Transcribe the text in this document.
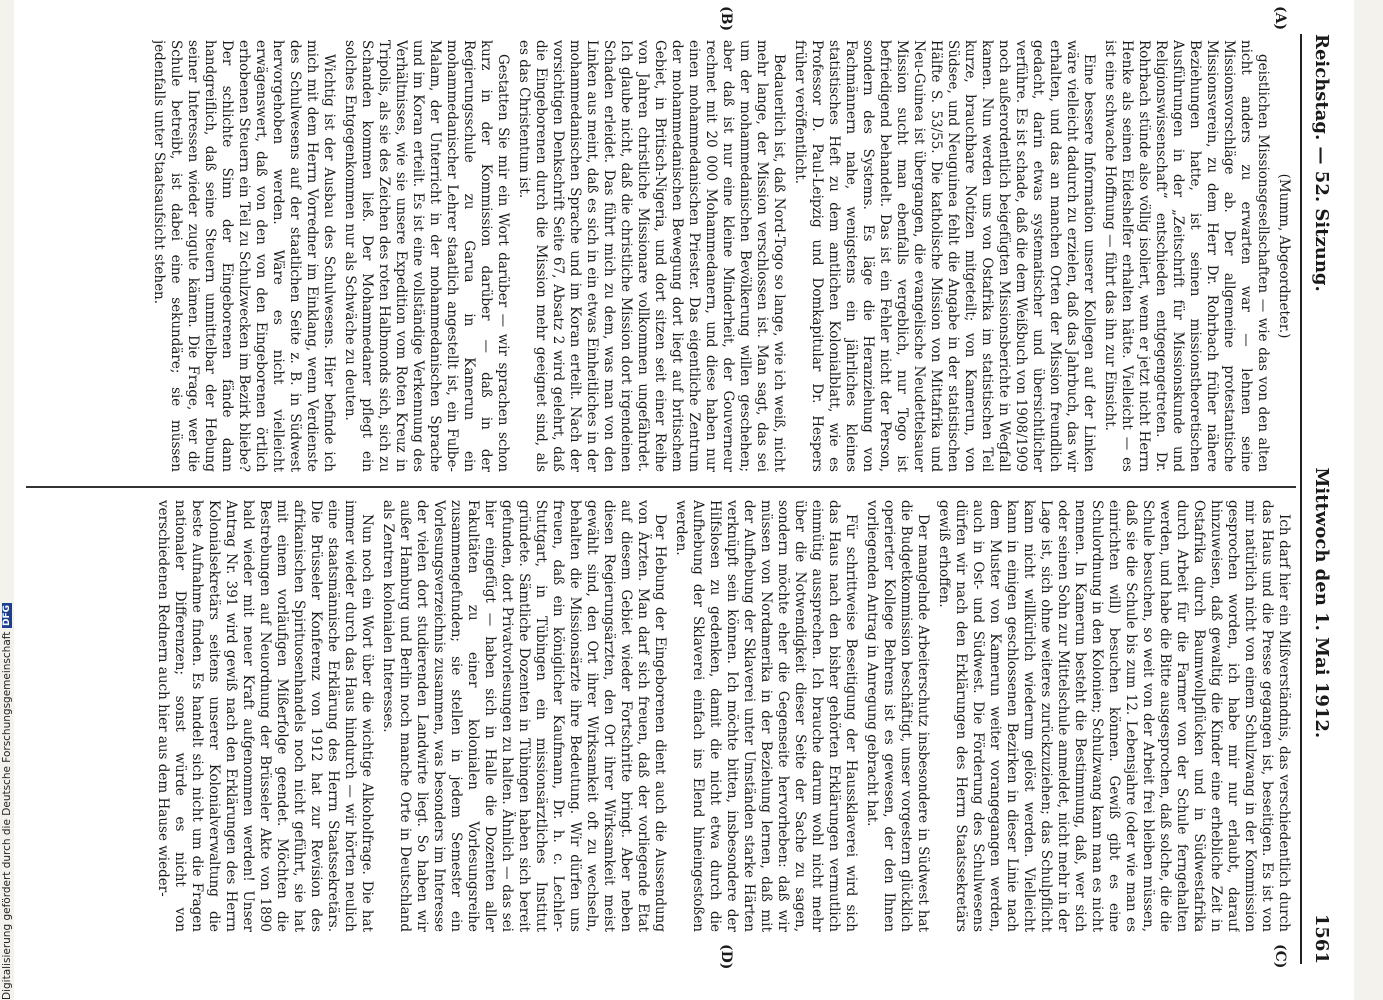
Reichstag. — 52. Sitzung.
Mittwoch den 1. Mai 1912.
1561
(A)
(B)
(C)
(D)

(Mumm, Abgeordneter.)

geistlichen Missionsgesellschaften — wie das von den alten nicht anders zu erwarten war — lehnen seine Missionsvorschläge ab. Der allgemeine protestantische Missionsverein, zu dem Herr Dr. Rohrbach früher nähere Beziehungen hatte, ist seinen missionstheoretischen Ausführungen in der „Zeitschrift für Missionskunde und Religionswissenschaft“ entschieden entgegengetreten. Dr. Rohrbach stünde also völlig isoliert, wenn er jetzt nicht Herrn Henke als seinen Eideshelfer erhalten hätte. Vielleicht — es ist eine schwache Hoffnung — führt das ihn zur Einsicht.

Eine bessere Information unserer Kollegen auf der Linken wäre vielleicht dadurch zu erzielen, daß das Jahrbuch, das wir erhalten, und das an manchen Orten der Mission freundlich gedacht, darin etwas systematischer und übersichtlicher verführe. Es ist schade, daß die dem Weißbuch von 1908/1909 noch außerordentlich beigefügten Missionsberichte in Wegfall kamen. Nun werden uns von Ostafrika im statistischen Teil kurze, brauchbare Notizen mitgeteilt; von Kamerun, von Südsee, und Neuguinea fehlt die Angabe in der statistischen Hälfte S. 53/55. Die katholische Mission von Mittafrika und Neu-Guinea ist übergangen, die evangelische Neudettelsauer Mission sucht man ebenfalls vergeblich, nur Togo ist befriedigend behandelt. Das ist ein Fehler nicht der Person, sondern des Systems. Es läge die Heranziehung von Fachmännern nahe, wenigstens ein jährliches kleines statistisches Heft zu dem amtlichen Kolonialblatt, wie es Professor D. Paul-Leipzig und Domkapitular Dr. Hespers früher veröffentlicht.

Bedauerlich ist, daß Nord-Togo so lange, wie ich weiß, nicht mehr lange, der Mission verschlossen ist. Man sagt, das sei um der mohammedanischen Bevölkerung willen geschehen; aber daß ist nur eine kleine Minderheit, der Gouverneur rechnet mit 20 000 Mohammedanern, und diese haben nur einen mohammedanischen Priester. Das eigentliche Zentrum der mohammedanischen Bewegung dort liegt auf britischem Gebiet, in Britisch-Nigeria, und dort sitzen seit einer Reihe von Jahren christliche Missionare vollkommen ungefährdet. Ich glaube nicht, daß die christliche Mission dort irgendeinen Schaden erleidet. Das führt mich zu dem, was man von den Linken aus meint, daß es sich in ein etwas Einheitliches in der mohammedanischen Sprache und im Koran erteilt. Nach der vorsichtigen Denkschrift Seite 67, Absatz 2 wird gelehrt, daß die Eingeborenen durch die Mission mehr geeignet sind, als es das Christentum ist.

Gestatten Sie mir ein Wort darüber — wir sprachen schon kurz in der Kommission darüber — daß in der Regierungsschule zu Garua in Kamerun ein mohammedanischer Lehrer staatlich angestellt ist, ein Fulbe-Malam, der Unterricht in der mohammedanischen Sprache und im Koran erteilt. Es ist eine vollständige Verkennung des Verhältnisses, wie sie unsere Expedition vom Roten Kreuz in Tripolis, als sie des Zeichen des roten Halbmonds sich, sich zu Schanden kommen ließ. Der Mohammedaner pflegt ein solches Entgegenkommen nur als Schwäche zu deuten.

Wichtig ist der Ausbau des Schulwesens. Hier befinde ich mich mit dem Herrn Vorredner im Einklang, wenn Verdienste des Schulwesens auf der staatlichen Seite z. B. in Südwest hervorgehoben werden. Wäre es nicht vielleicht erwägenswert, daß von den von den Eingeborenen örtlich erhobenen Steuern ein Teil zu Schulzwecken im Bezirk bliebe? Der schlichte Sinn der Eingeborenen fände dann handgreiflich, daß seine Steuern unmittelbar der Hebung seiner Interessen wieder zugute kämen. Die Frage, wer die Schule betreibt, ist dabei eine sekundäre; sie müssen jedenfalls unter Staatsaufsicht stehen.

Ich darf hier ein Mißverständnis, das verschiedentlich durch das Haus und die Presse gegangen ist, beseitigen. Es ist von mir natürlich nicht von einem Schulzwang in der Kommission gesprochen worden, ich habe mir nur erlaubt, darauf hinzuweisen, daß gewaltig die Kinder eine erhebliche Zeit in Ostafrika durch Baumwollpflücken und in Südwestafrika durch Arbeit für die Farmer von der Schule ferngehalten werden, und habe die Bitte ausgesprochen, daß solche, die die Schule besuchen, so weit von der Arbeit frei bleiben müssen, daß sie die Schule bis zum 12. Lebensjahre (oder wie man es einrichten will) besuchen können. Gewiß gibt es eine Schulordnung in den Kolonien; Schulzwang kann man es nicht nennen. In Kamerun besteht die Bestimmung, daß, wer sich oder seinen Sohn zur Mittelschule anmeldet, nicht mehr in der Lage ist, sich ohne weiteres zurückzuziehen; das Schulpflicht kann nicht willkürlich wiederum gelöst werden. Vielleicht kann in einigen geschlossenen Bezirken in dieser Linie nach dem Muster von Kamerun weiter vorangegangen werden, auch in Ost- und Südwest. Die Förderung des Schulwesens dürfen wir nach den Erklärungen des Herrn Staatssekretärs gewiß erhoffen.

Der mangelnde Arbeiterschutz insbesondere in Südwest hat die Budgetkommission beschäftigt, unser vorgestern glücklich operierter Kollege Behrens ist es gewesen, der den Ihnen vorliegenden Antrag in Anregung gebracht hat.

Für schrittweise Beseitigung der Haussklaverei wird sich das Haus nach den bisher gehörten Erklärungen vermutlich einmütig aussprechen. Ich brauche darum wohl nicht mehr über die Notwendigkeit dieser Seite der Sache zu sagen, sondern möchte eher die Gegenseite hervorheben: daß wir müssen von Nordamerika in der Beziehung lernen, daß mit der Aufhebung der Sklaverei unter Umständen starke Härten verknüpft sein können. Ich möchte bitten, insbesondere der Hilfslosen zu gedenken, damit die nicht etwa durch die Aufhebung der Sklaverei einfach ins Elend hineingestoßen werden.

Der Hebung der Eingeborenen dient auch die Aussendung von Ärzten. Man darf sich freuen, daß der vorliegende Etat auf diesem Gebiet wieder Fortschritte bringt. Aber neben diesen Regierungsärzten, den Ort ihrer Wirksamkeit meist gewählt sind, den Ort ihrer Wirksamkeit oft zu wechseln, behalten die Missionsärzte ihre Bedeutung. Wir dürfen uns freuen, daß ein königlicher Kaufmann, Dr. h. c. Lechler-Stuttgart, in Tübingen ein missionsärztliches Institut gründete. Sämtliche Dozenten in Tübingen haben sich bereit gefunden, dort Privatvorlesungen zu halten. Ähnlich — das sei hier eingefügt — haben sich in Halle die Dozenten aller Fakultäten zu einer kolonialen Vorlesungsreihe zusammengefunden; sie stellen in jedem Semester ein Vorlesungsverzeichnis zusammen, was besonders im Interesse der vielen dort studierenden Landwirte liegt. So haben wir außer Hamburg und Berlin noch manche Orte in Deutschland als Zentren kolonialen Interesses.

Nun noch ein Wort über die wichtige Alkoholfrage. Die hat immer wieder durch das Haus hindurch — wir hörten neulich eine staatsmännische Erklärung des Herrn Staatssekretärs. Die Brüsseler Konferenz von 1912 hat zur Revision des afrikanischen Spirituosenhandels noch nicht geführt, sie hat mit einem vorläufigen Mißerfolge geendet. Möchten die Bestrebungen auf Neuordnung der Brüsseler Akte von 1890 bald wieder mit neuer Kraft aufgenommen werden! Unser Antrag Nr. 391 wird gewiß nach den Erklärungen des Herrn Kolonialsekretärs seitens unserer Kolonialverwaltung die beste Aufnahme finden. Es handelt sich nicht um die Fragen nationaler Differenzen; sonst würde es nicht von verschiedenen Rednern auch hier aus dem Hause wieder-

Digitalisierung gefördert durch die Deutsche Forschungsgemeinschaft
DFG
